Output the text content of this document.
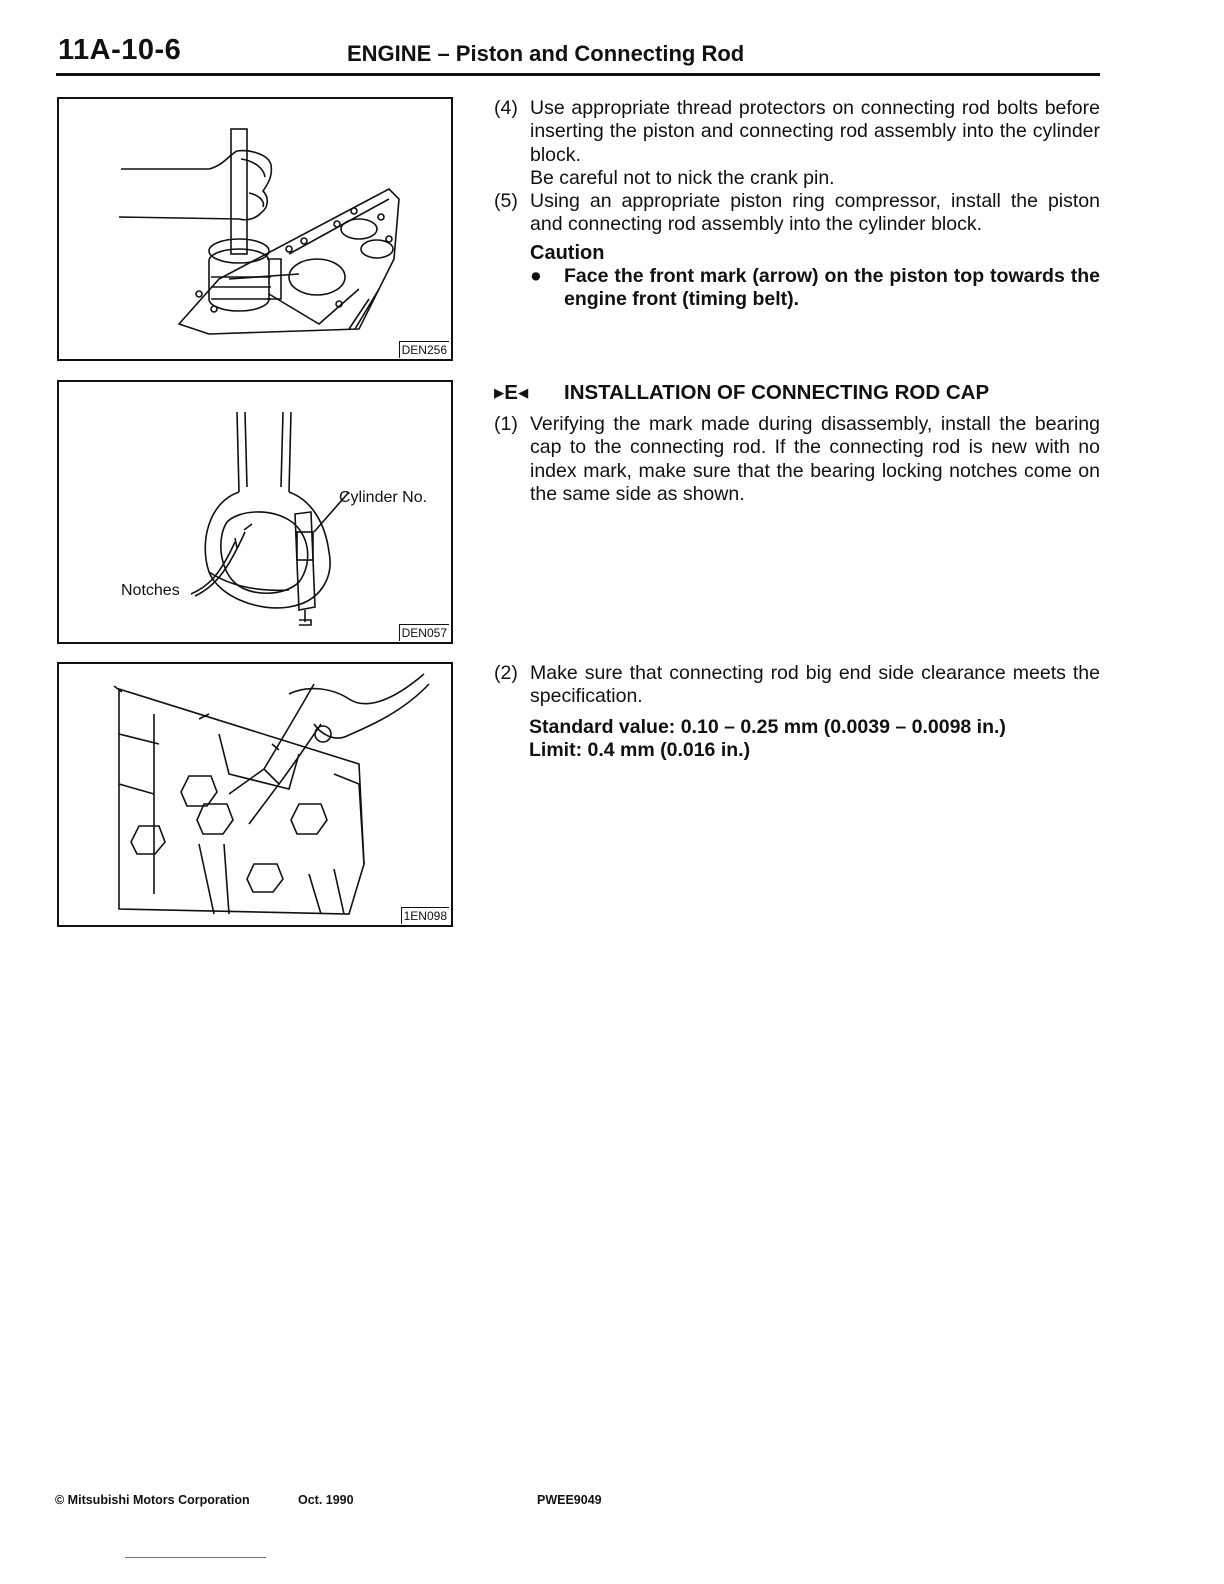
11A-10-6	ENGINE – Piston and Connecting Rod
DEN256
Cylinder No.
Notches
DEN057
1EN098
(4) Use appropriate thread protectors on connecting rod bolts before inserting the piston and connecting rod assembly into the cylinder block.
Be careful not to nick the crank pin.
(5) Using an appropriate piston ring compressor, install the piston and connecting rod assembly into the cylinder block.
Caution
●	Face the front mark (arrow) on the piston top towards the engine front (timing belt).
▸E◂ INSTALLATION OF CONNECTING ROD CAP
(1) Verifying the mark made during disassembly, install the bearing cap to the connecting rod. If the connecting rod is new with no index mark, make sure that the bearing locking notches come on the same side as shown.
(2) Make sure that connecting rod big end side clearance meets the specification.
Standard value: 0.10 – 0.25 mm (0.0039 – 0.0098 in.)
Limit: 0.4 mm (0.016 in.)
© Mitsubishi Motors Corporation	Oct. 1990	PWEE9049
